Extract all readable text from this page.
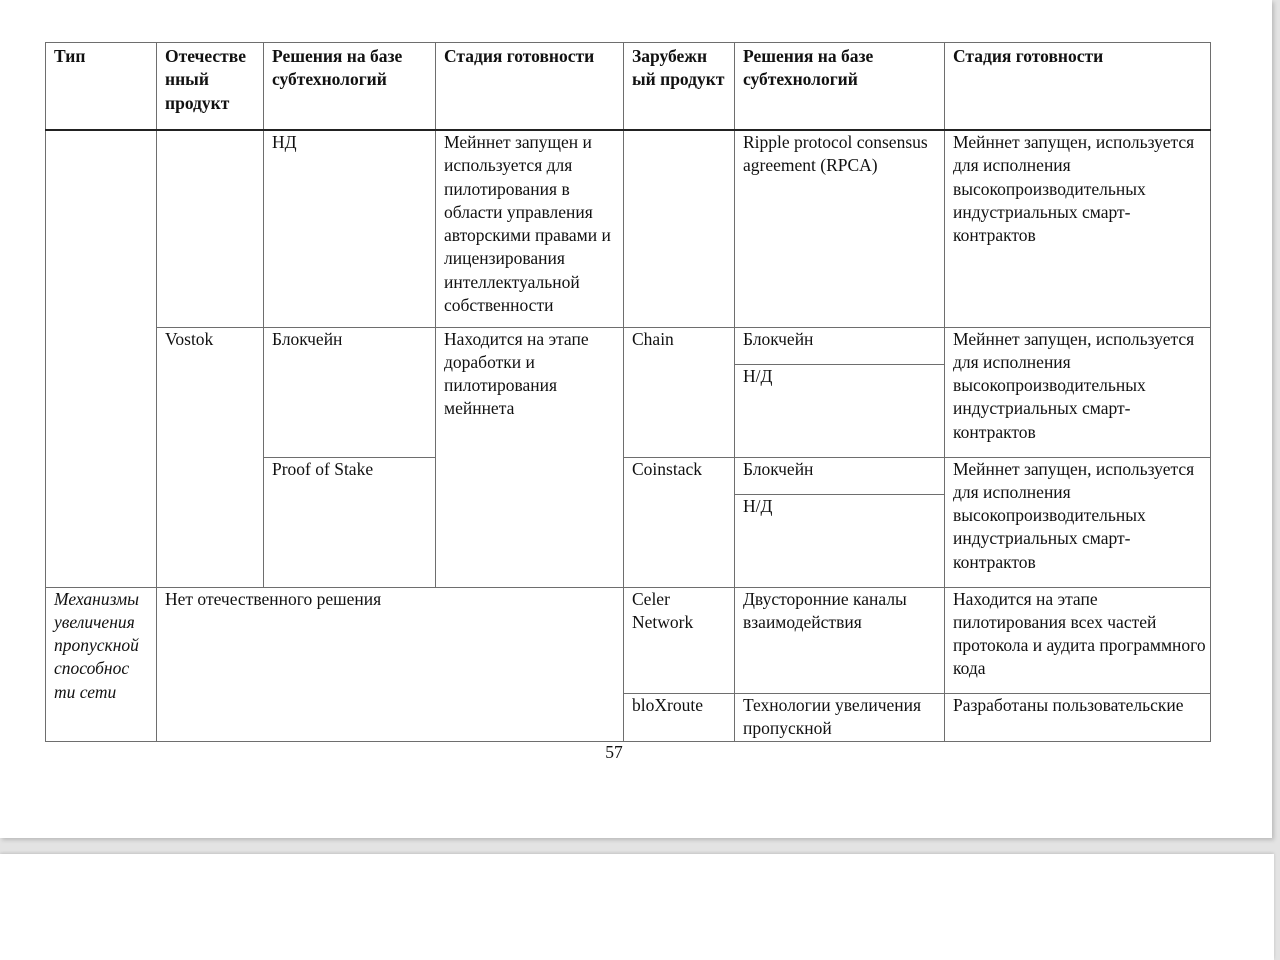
Тип	Отечестве нный продукт	Решения на базе субтехнологий	Стадия готовности	Зарубежн ый продукт	Решения на базе субтехнологий	Стадия готовности
		НД	Мейннет запущен и используется для пилотирования в области управления авторскими правами и лицензирования интеллектуальной собственности		Ripple protocol consensus agreement (RPCA)	Мейннет запущен, используется для исполнения высокопроизводительных индустриальных смарт-контрактов
	Vostok	Блокчейн	Находится на этапе доработки и пилотирования мейннета	Chain	Блокчейн	Мейннет запущен, используется для исполнения высокопроизводительных индустриальных смарт-контрактов
					Н/Д	
		Proof of Stake		Coinstack	Блокчейн	Мейннет запущен, используется для исполнения высокопроизводительных индустриальных смарт-контрактов
					Н/Д	
Механизмы увеличения пропускной способнос ти сети	Нет отечественного решения			Celer Network	Двусторонние каналы взаимодействия	Находится на этапе пилотирования всех частей протокола и аудита программного кода
				bloXroute	Технологии увеличения пропускной	Разработаны пользовательские
57
